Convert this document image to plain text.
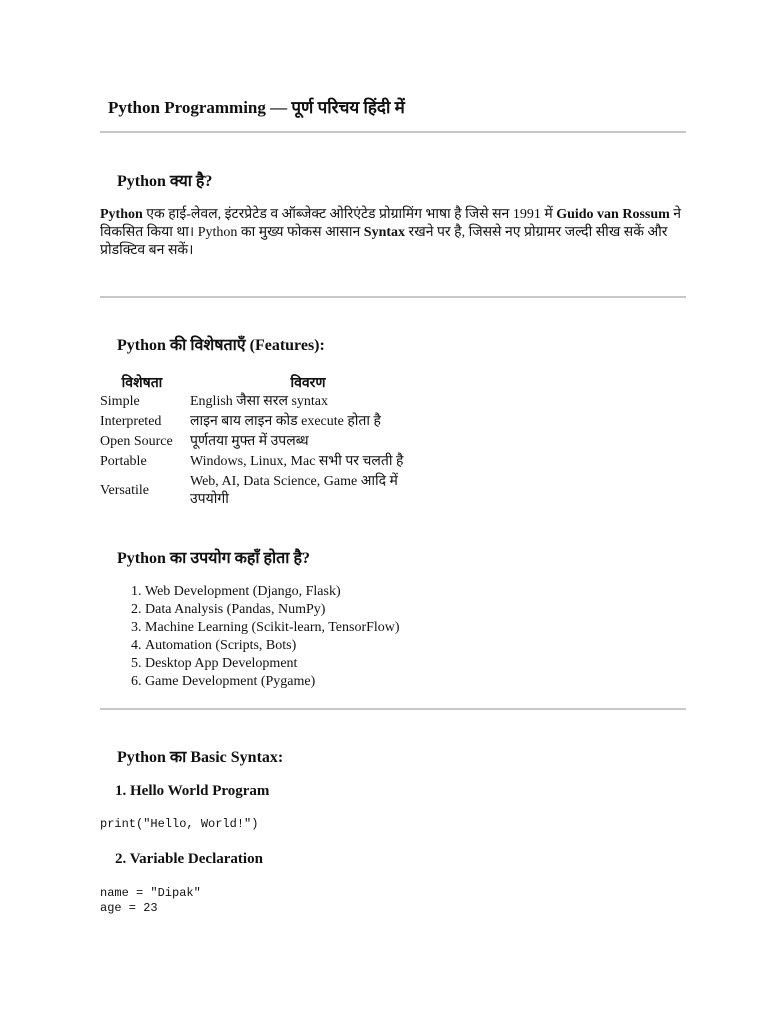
Python Programming — पूर्ण परिचय हिंदी में
Python क्या है?
Python एक हाई-लेवल, इंटरप्रेटेड व ऑब्जेक्ट ओरिएंटेड प्रोग्रामिंग भाषा है जिसे सन 1991 में Guido van Rossum ने विकसित किया था। Python का मुख्य फोकस आसान Syntax रखने पर है, जिससे नए प्रोग्रामर जल्दी सीख सकें और प्रोडक्टिव बन सकें।
Python की विशेषताएँ (Features):
विशेषता	विवरण
Simple	English जैसा सरल syntax
Interpreted	लाइन बाय लाइन कोड execute होता है
Open Source	पूर्णतया मुफ्त में उपलब्ध
Portable	Windows, Linux, Mac सभी पर चलती है
Versatile	Web, AI, Data Science, Game आदि में उपयोगी
Python का उपयोग कहाँ होता है?
1. Web Development (Django, Flask)
2. Data Analysis (Pandas, NumPy)
3. Machine Learning (Scikit-learn, TensorFlow)
4. Automation (Scripts, Bots)
5. Desktop App Development
6. Game Development (Pygame)
Python का Basic Syntax:
1. Hello World Program
print("Hello, World!")
2. Variable Declaration
name = "Dipak"
age = 23
